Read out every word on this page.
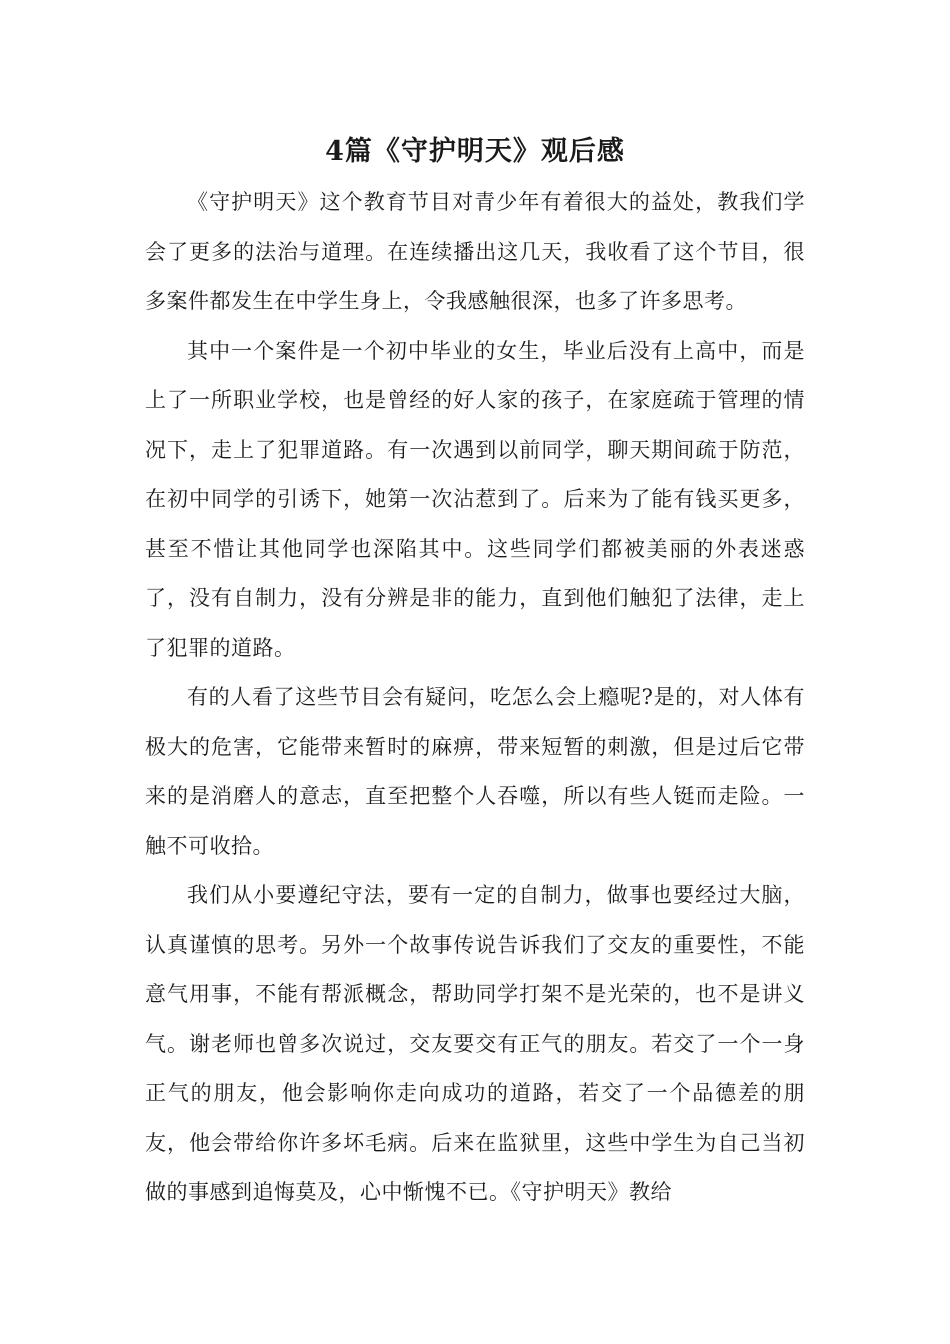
4篇《守护明天》观后感

《守护明天》这个教育节目对青少年有着很大的益处，教我们学会了更多的法治与道理。在连续播出这几天，我收看了这个节目，很多案件都发生在中学生身上，令我感触很深，也多了许多思考。

其中一个案件是一个初中毕业的女生，毕业后没有上高中，而是上了一所职业学校，也是曾经的好人家的孩子，在家庭疏于管理的情况下，走上了犯罪道路。有一次遇到以前同学，聊天期间疏于防范，在初中同学的引诱下，她第一次沾惹到了。后来为了能有钱买更多，甚至不惜让其他同学也深陷其中。这些同学们都被美丽的外表迷惑了，没有自制力，没有分辨是非的能力，直到他们触犯了法律，走上了犯罪的道路。

有的人看了这些节目会有疑问，吃怎么会上瘾呢?是的，对人体有极大的危害，它能带来暂时的麻痹，带来短暂的刺激，但是过后它带来的是消磨人的意志，直至把整个人吞噬，所以有些人铤而走险。一触不可收拾。

我们从小要遵纪守法，要有一定的自制力，做事也要经过大脑，认真谨慎的思考。另外一个故事传说告诉我们了交友的重要性，不能意气用事，不能有帮派概念，帮助同学打架不是光荣的，也不是讲义气。谢老师也曾多次说过，交友要交有正气的朋友。若交了一个一身正气的朋友，他会影响你走向成功的道路，若交了一个品德差的朋友，他会带给你许多坏毛病。后来在监狱里，这些中学生为自己当初做的事感到追悔莫及，心中惭愧不已。《守护明天》教给
